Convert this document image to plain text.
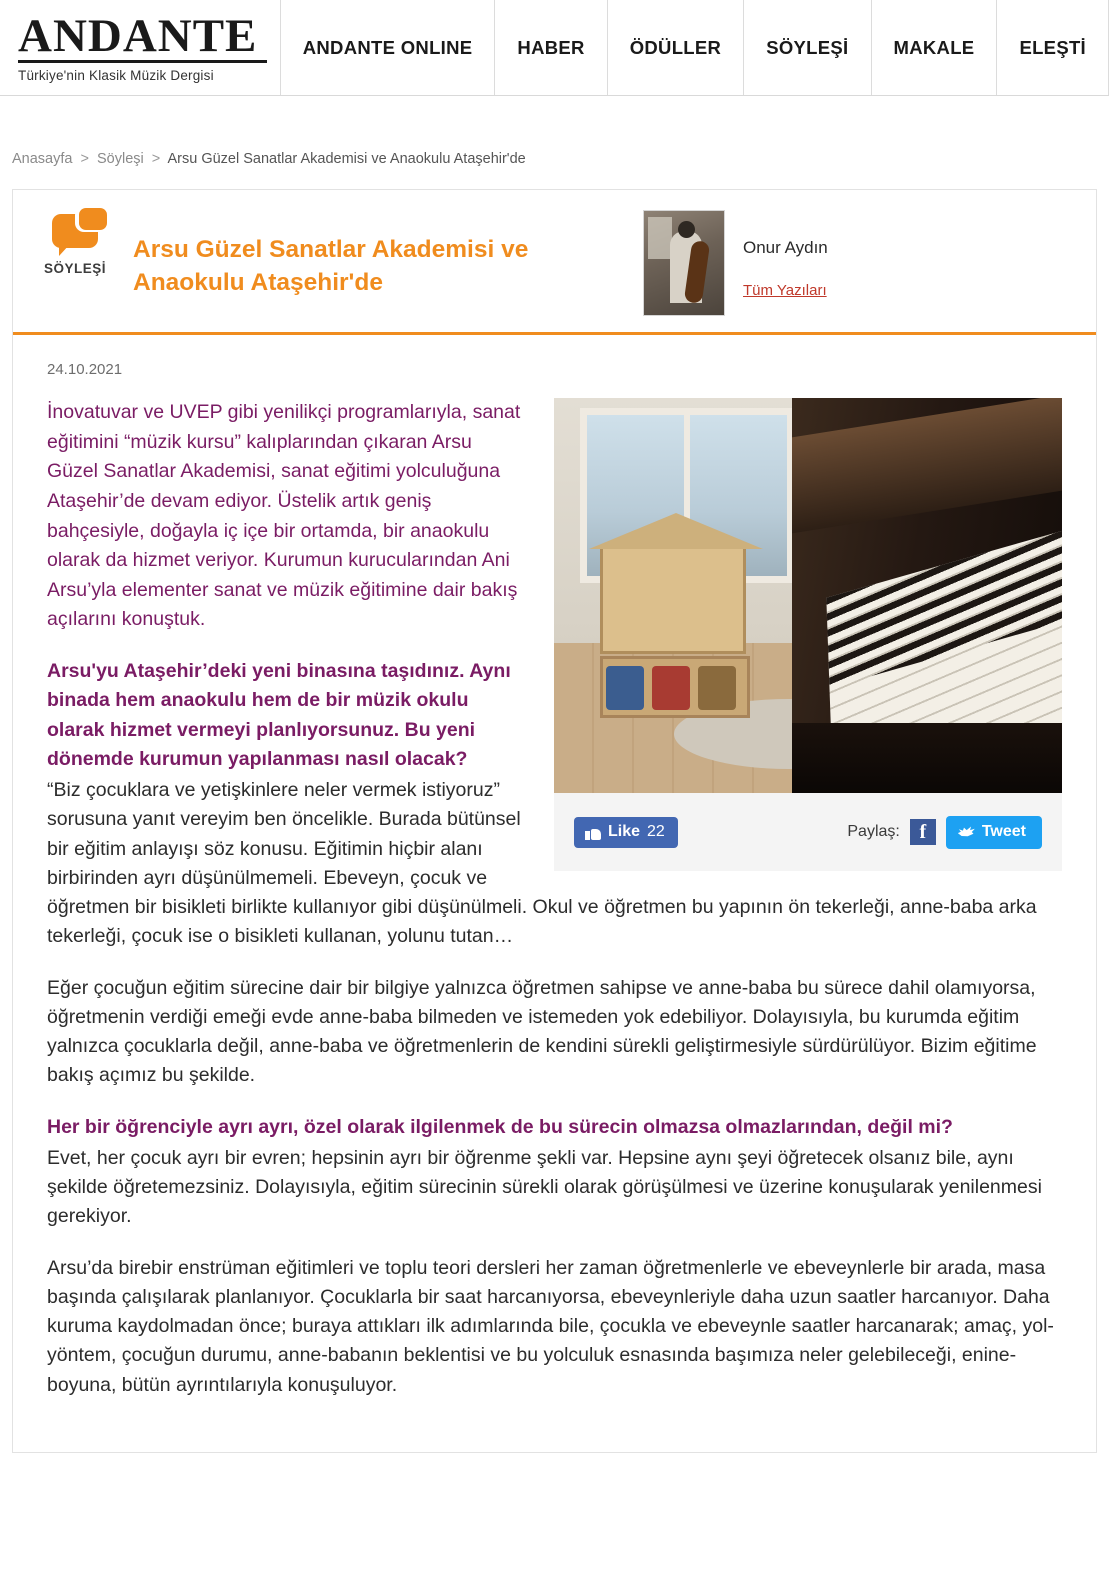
ANDANTE
Türkiye'nin Klasik Müzik Dergisi
ANDANTE ONLINE	HABER	ÖDÜLLER	SÖYLEŞİ	MAKALE	ELEŞTİ
Anasayfa > Söyleşi > Arsu Güzel Sanatlar Akademisi ve Anaokulu Ataşehir'de
SÖYLEŞİ
Arsu Güzel Sanatlar Akademisi ve Anaokulu Ataşehir'de
Onur Aydın
Tüm Yazıları
24.10.2021
Like 22	Paylaş: f	Tweet

İnovatuvar ve UVEP gibi yenilikçi programlarıyla, sanat eğitimini “müzik kursu” kalıplarından çıkaran Arsu Güzel Sanatlar Akademisi, sanat eğitimi yolculuğuna Ataşehir’de devam ediyor. Üstelik artık geniş bahçesiyle, doğayla iç içe bir ortamda, bir anaokulu olarak da hizmet veriyor. Kurumun kurucularından Ani Arsu’yla elementer sanat ve müzik eğitimine dair bakış açılarını konuştuk.

Arsu'yu Ataşehir’deki yeni binasına taşıdınız. Aynı binada hem anaokulu hem de bir müzik okulu olarak hizmet vermeyi planlıyorsunuz. Bu yeni dönemde kurumun yapılanması nasıl olacak?

“Biz çocuklara ve yetişkinlere neler vermek istiyoruz” sorusuna yanıt vereyim ben öncelikle. Burada bütünsel bir eğitim anlayışı söz konusu. Eğitimin hiçbir alanı birbirinden ayrı düşünülmemeli. Ebeveyn, çocuk ve öğretmen bir bisikleti birlikte kullanıyor gibi düşünülmeli. Okul ve öğretmen bu yapının ön tekerleği, anne-baba arka tekerleği, çocuk ise o bisikleti kullanan, yolunu tutan…

Eğer çocuğun eğitim sürecine dair bir bilgiye yalnızca öğretmen sahipse ve anne-baba bu sürece dahil olamıyorsa, öğretmenin verdiği emeği evde anne-baba bilmeden ve istemeden yok edebiliyor. Dolayısıyla, bu kurumda eğitim yalnızca çocuklarla değil, anne-baba ve öğretmenlerin de kendini sürekli geliştirmesiyle sürdürülüyor. Bizim eğitime bakış açımız bu şekilde.

Her bir öğrenciyle ayrı ayrı, özel olarak ilgilenmek de bu sürecin olmazsa olmazlarından, değil mi?

Evet, her çocuk ayrı bir evren; hepsinin ayrı bir öğrenme şekli var. Hepsine aynı şeyi öğretecek olsanız bile, aynı şekilde öğretemezsiniz. Dolayısıyla, eğitim sürecinin sürekli olarak görüşülmesi ve üzerine konuşularak yenilenmesi gerekiyor.

Arsu’da birebir enstrüman eğitimleri ve toplu teori dersleri her zaman öğretmenlerle ve ebeveynlerle bir arada, masa başında çalışılarak planlanıyor. Çocuklarla bir saat harcanıyorsa, ebeveynleriyle daha uzun saatler harcanıyor. Daha kuruma kaydolmadan önce; buraya attıkları ilk adımlarında bile, çocukla ve ebeveynle saatler harcanarak; amaç, yol-yöntem, çocuğun durumu, anne-babanın beklentisi ve bu yolculuk esnasında başımıza neler gelebileceği, enine-boyuna, bütün ayrıntılarıyla konuşuluyor.
